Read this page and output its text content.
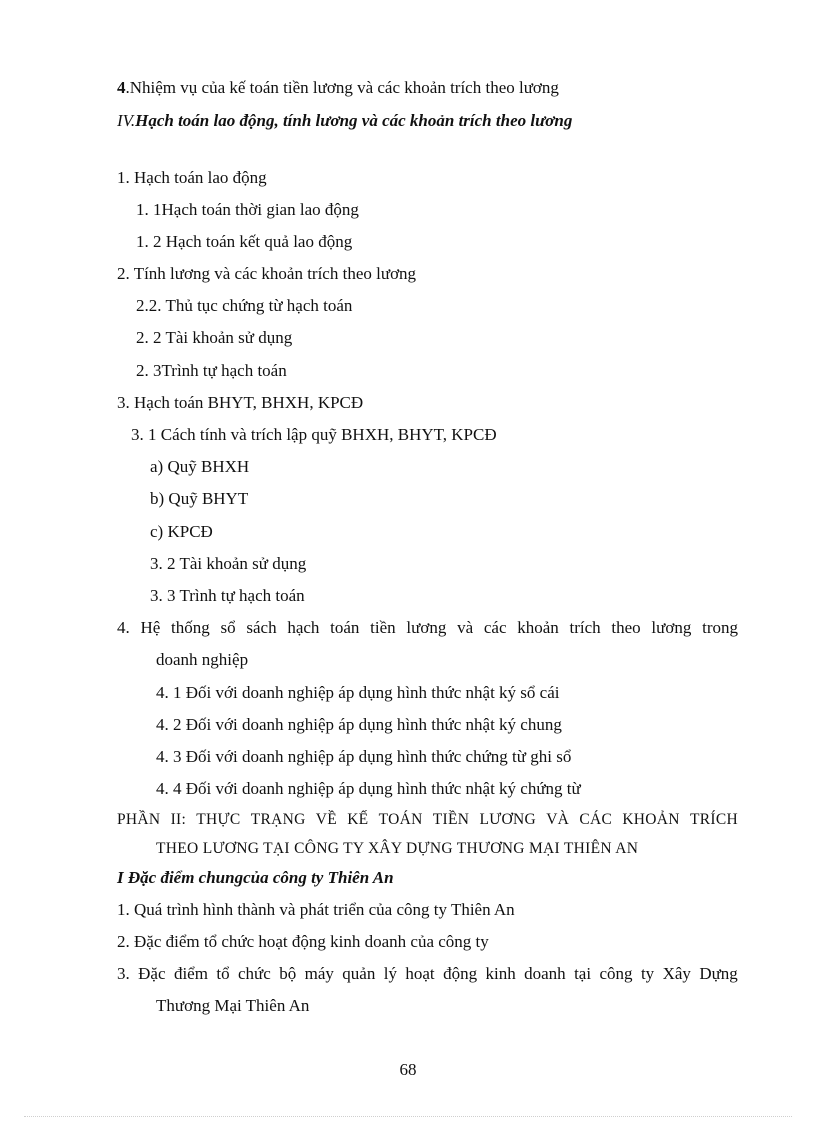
4.Nhiệm vụ của kế toán tiền lương và các khoản trích theo lương
IV.Hạch toán lao động, tính lương và các khoản trích theo lương
1. Hạch toán lao động
1. 1Hạch toán thời gian lao động
1. 2 Hạch toán kết quả lao động
2. Tính lương và các khoản trích theo lương
2.2. Thủ tục chứng từ hạch toán
2. 2 Tài khoản sử dụng
2. 3Trình tự hạch toán
3. Hạch toán BHYT, BHXH, KPCĐ
3. 1 Cách tính và trích lập quỹ BHXH, BHYT, KPCĐ
a) Quỹ BHXH
b) Quỹ BHYT
c) KPCĐ
3. 2 Tài khoản sử dụng
3. 3 Trình tự hạch toán
4. Hệ thống sổ sách hạch toán tiền lương và các khoản trích theo lương trong
doanh nghiệp
4. 1 Đối với doanh nghiệp áp dụng hình thức nhật ký sổ cái
4. 2 Đối với doanh nghiệp áp dụng hình thức nhật ký chung
4. 3 Đối với doanh nghiệp áp dụng hình thức chứng từ ghi sổ
4. 4 Đối với doanh nghiệp áp dụng hình thức nhật ký chứng từ
PHẦN II: THỰC TRẠNG VỀ KẾ TOÁN TIỀN LƯƠNG VÀ CÁC KHOẢN TRÍCH
THEO LƯƠNG TẠI CÔNG TY XÂY DỰNG THƯƠNG MẠI THIÊN AN
I Đặc điểm chungcủa công ty Thiên An
1. Quá trình hình thành và phát triển của công ty Thiên An
2. Đặc điểm tổ chức hoạt động kinh doanh của công ty
3. Đặc điểm tổ chức bộ máy quản lý hoạt động kinh doanh tại công ty Xây Dựng
Thương Mại Thiên An
68
